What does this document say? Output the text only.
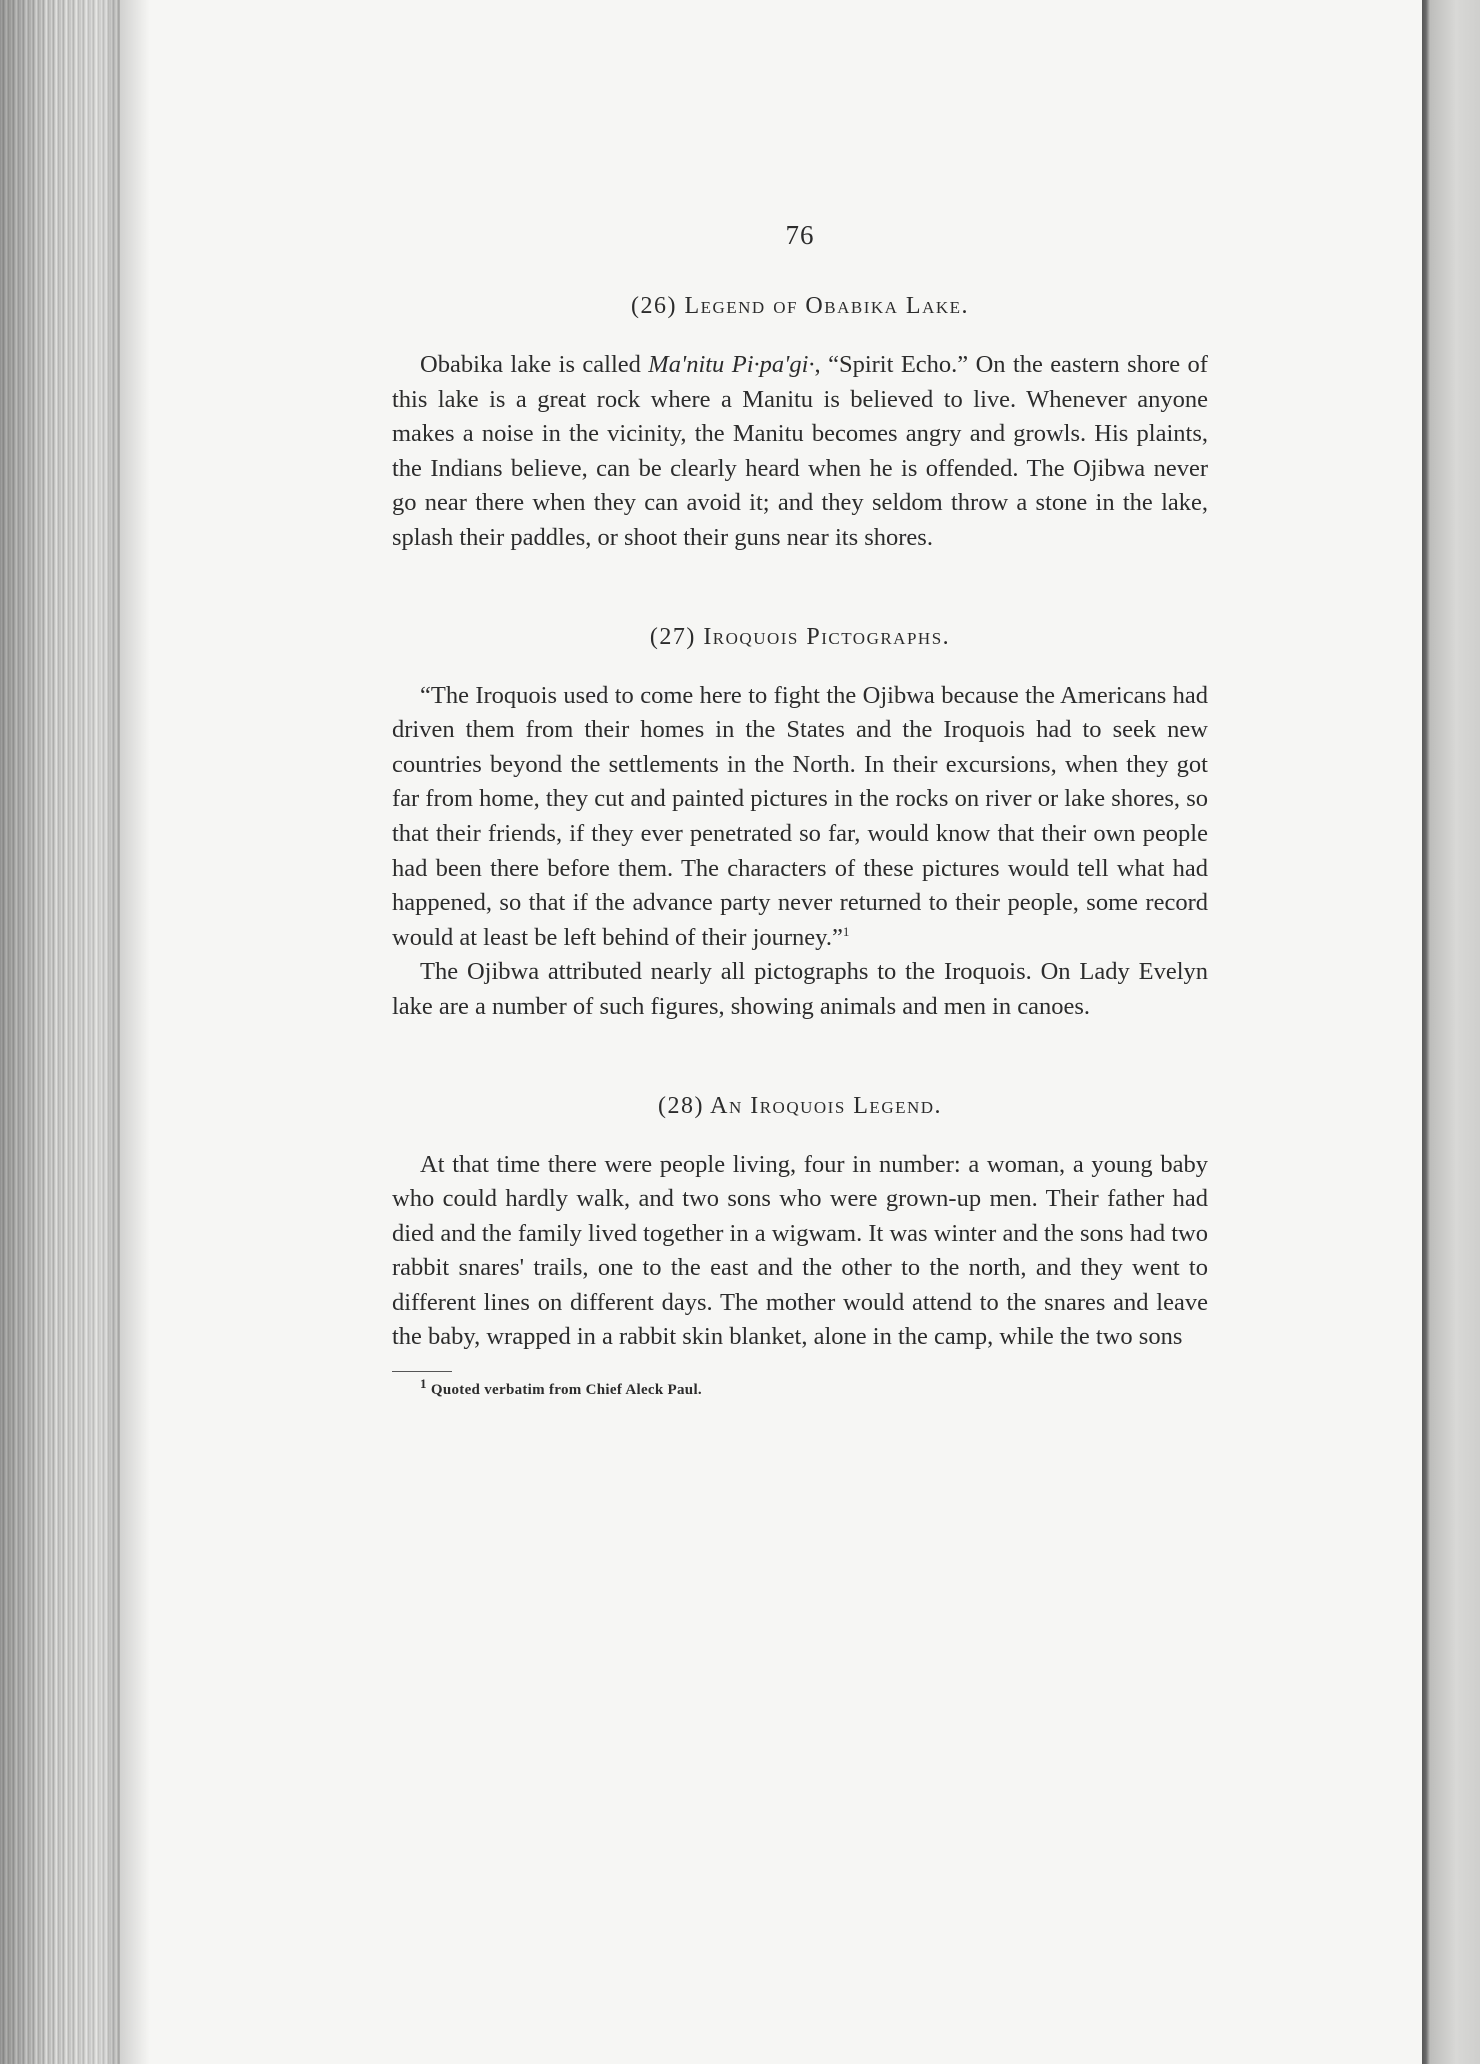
76
(26) Legend of Obabika Lake.

Obabika lake is called Ma'nitu Pi·pa'gi·, “Spirit Echo.” On the eastern shore of this lake is a great rock where a Manitu is believed to live. Whenever anyone makes a noise in the vicinity, the Manitu becomes angry and growls. His plaints, the Indians believe, can be clearly heard when he is offended. The Ojibwa never go near there when they can avoid it; and they seldom throw a stone in the lake, splash their paddles, or shoot their guns near its shores.

(27) Iroquois Pictographs.

“The Iroquois used to come here to fight the Ojibwa because the Americans had driven them from their homes in the States and the Iroquois had to seek new countries beyond the settlements in the North. In their excursions, when they got far from home, they cut and painted pictures in the rocks on river or lake shores, so that their friends, if they ever penetrated so far, would know that their own people had been there before them. The characters of these pictures would tell what had happened, so that if the advance party never returned to their people, some record would at least be left behind of their journey.”$^1$

The Ojibwa attributed nearly all pictographs to the Iroquois. On Lady Evelyn lake are a number of such figures, showing animals and men in canoes.

(28) An Iroquois Legend.

At that time there were people living, four in number: a woman, a young baby who could hardly walk, and two sons who were grown-up men. Their father had died and the family lived together in a wigwam. It was winter and the sons had two rabbit snares' trails, one to the east and the other to the north, and they went to different lines on different days. The mother would attend to the snares and leave the baby, wrapped in a rabbit skin blanket, alone in the camp, while the two sons

$^1$ Quoted verbatim from Chief Aleck Paul.
